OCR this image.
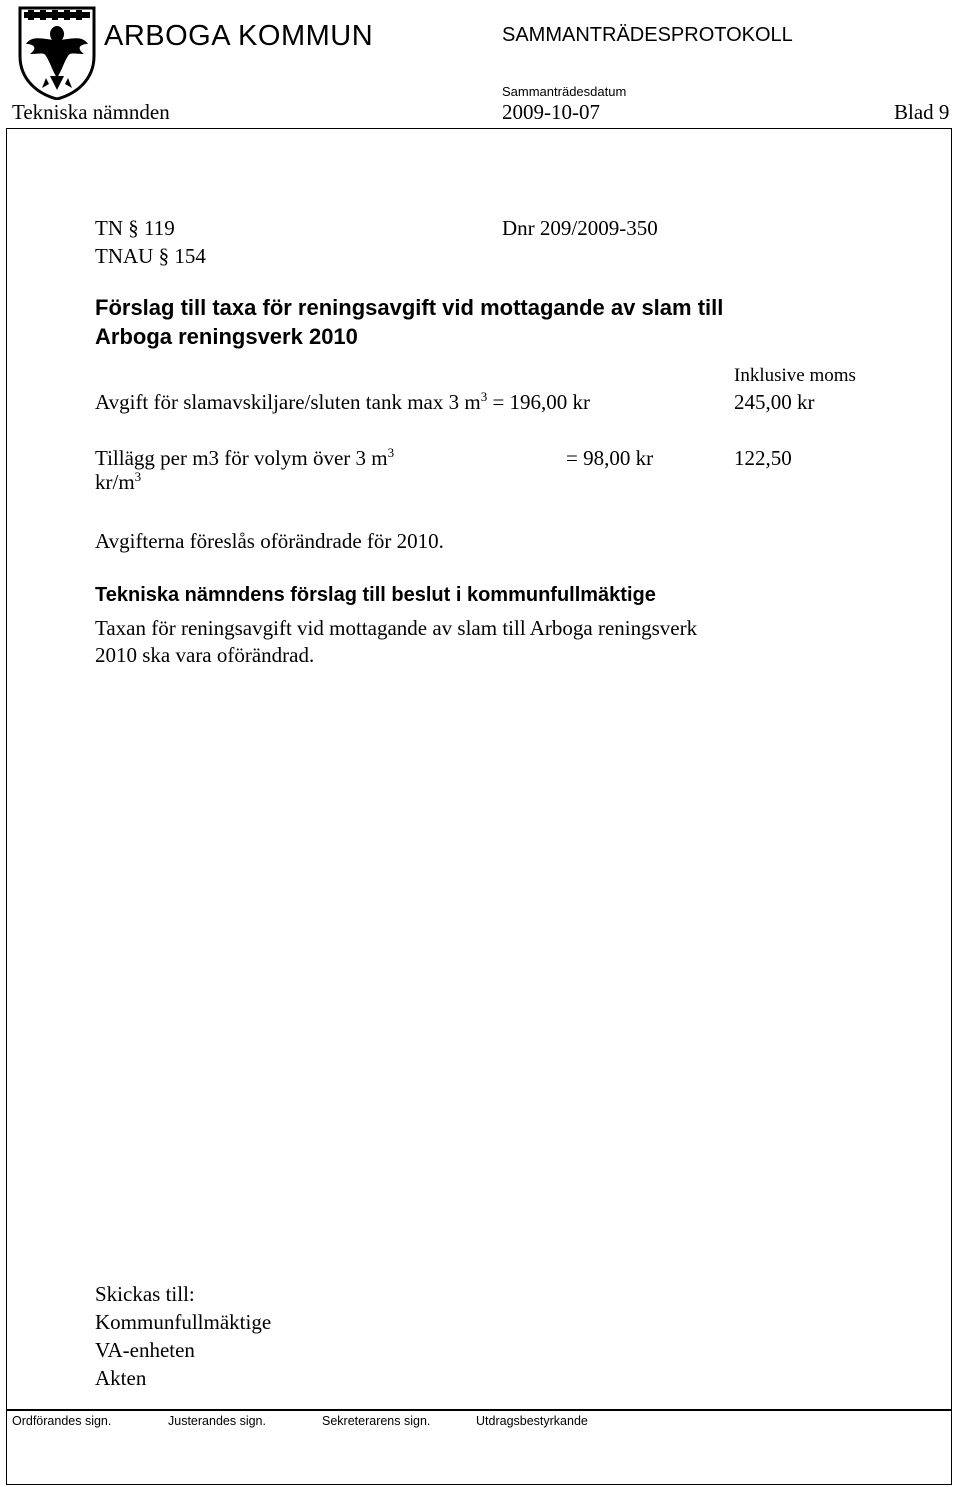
ARBOGA KOMMUN	SAMMANTRÄDESPROTOKOLL
Sammanträdesdatum
Tekniska nämnden	2009-10-07	Blad 9
TN § 119
TNAU § 154
Dnr 209/2009-350
Förslag till taxa för reningsavgift vid mottagande av slam till
Arboga reningsverk 2010
Inklusive moms
Avgift för slamavskiljare/sluten tank max 3 $m^3 = 196,00$ kr	245,00 kr
Tillägg per m3 för volym över 3 $m^3$	= 98,00 kr	122,50
$kr/m^3$
Avgifterna föreslås oförändrade för 2010.
Tekniska nämndens förslag till beslut i kommunfullmäktige
Taxan för reningsavgift vid mottagande av slam till Arboga reningsverk
2010 ska vara oförändrad.
Skickas till:
Kommunfullmäktige
VA-enheten
Akten
Ordförandes sign.	Justerandes sign.	Sekreterarens sign.	Utdragsbestyrkande
